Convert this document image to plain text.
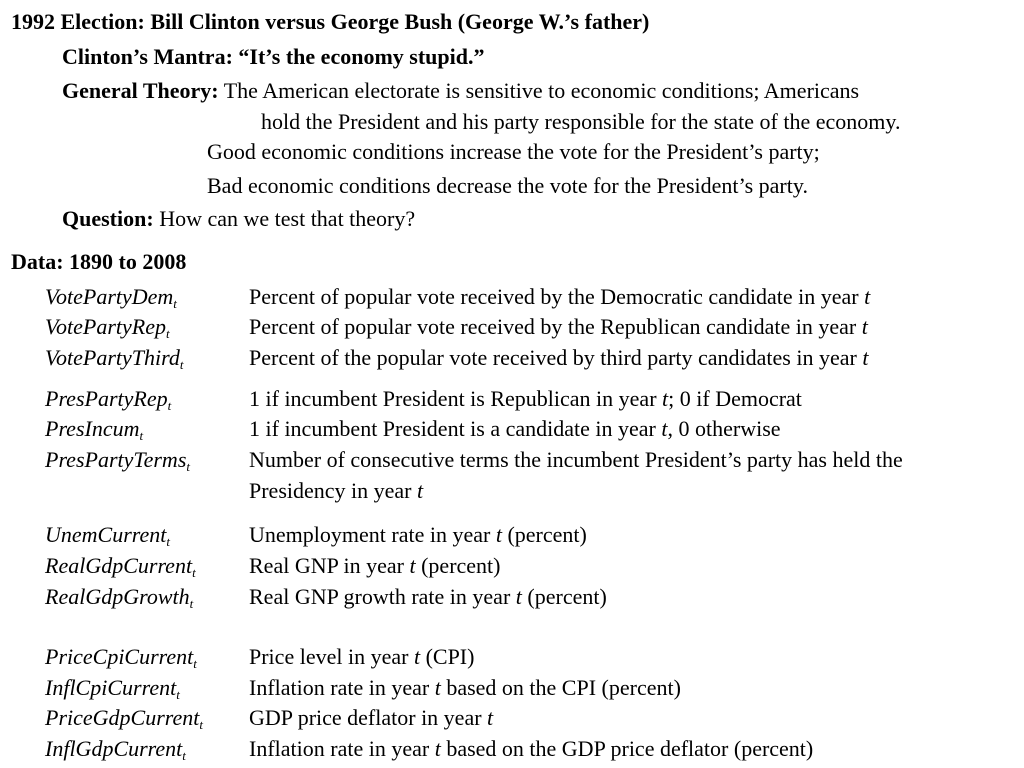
1992 Election: Bill Clinton versus George Bush (George W.’s father)
Clinton’s Mantra: “It’s the economy stupid.”
General Theory: The American electorate is sensitive to economic conditions; Americans
hold the President and his party responsible for the state of the economy.
Good economic conditions increase the vote for the President’s party;
Bad economic conditions decrease the vote for the President’s party.
Question: How can we test that theory?
Data: 1890 to 2008
VotePartyDem$_t$	Percent of popular vote received by the Democratic candidate in year t
VotePartyRep$_t$	Percent of popular vote received by the Republican candidate in year t
VotePartyThird$_t$	Percent of the popular vote received by third party candidates in year t
PresPartyRep$_t$	1 if incumbent President is Republican in year t; 0 if Democrat
PresIncum$_t$	1 if incumbent President is a candidate in year t, 0 otherwise
PresPartyTerms$_t$	Number of consecutive terms the incumbent President’s party has held the
Presidency in year t
UnemCurrent$_t$	Unemployment rate in year t (percent)
RealGdpCurrent$_t$ Real GNP in year t (percent)
RealGdpGrowth$_t$	Real GNP growth rate in year t (percent)
PriceCpiCurrent$_t$ Price level in year t (CPI)
InflCpiCurrent$_t$	Inflation rate in year t based on the CPI (percent)
PriceGdpCurrent$_t$ GDP price deflator in year t
InflGdpCurrent$_t$	Inflation rate in year t based on the GDP price deflator (percent)
